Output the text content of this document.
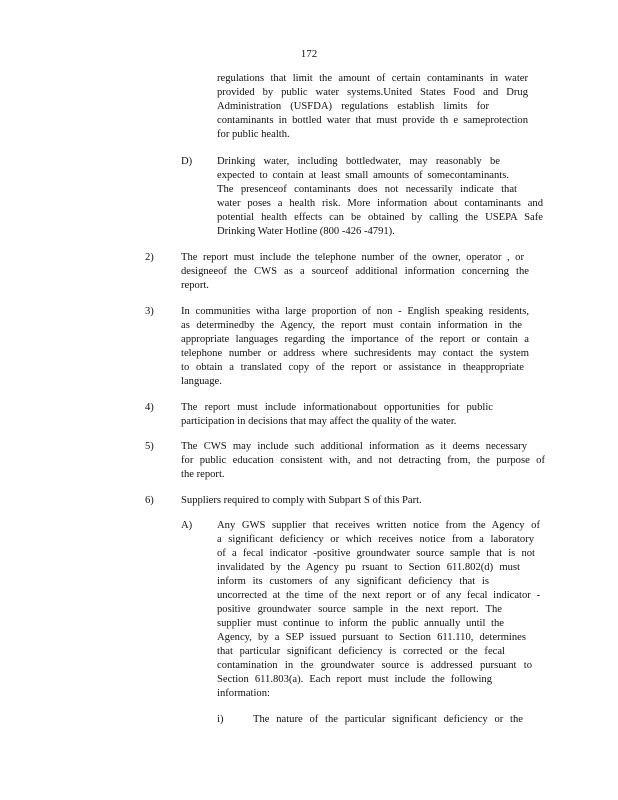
172
regulations that limit the amount of certain contaminants in water
provided by public water systems.United States Food and Drug
Administration (USFDA) regulations establish limits for
contaminants in bottled water that must provide th e sameprotection
for public health.
D) Drinking water, including bottledwater, may reasonably be
expected to contain at least small amounts of somecontaminants.
The presenceof contaminants does not necessarily indicate that
water poses a health risk. More information about contaminants and
potential health effects can be obtained by calling the USEPA Safe
Drinking Water Hotline (800 -426 -4791).
2)	The report must include the telephone number of the owner, operator , or
designeeof the CWS as a sourceof additional information concerning the
report.
3)	In communities witha large proportion of non - English speaking residents,
as determinedby the Agency, the report must contain information in the
appropriate languages regarding the importance of the report or contain a
telephone number or address where suchresidents may contact the system
to obtain a translated copy of the report or assistance in theappropriate
language.
4)	The report must include informationabout opportunities for public
participation in decisions that may affect the quality of the water.
5)	The CWS may include such additional information as it deems necessary
for public education consistent with, and not detracting from, the purpose of
the report.
6)	Suppliers required to comply with Subpart S of this Part.
A) Any GWS supplier that receives written notice from the Agency of
a significant deficiency or which receives notice from a laboratory
of a fecal indicator -positive groundwater source sample that is not
invalidated by the Agency pu rsuant to Section 611.802(d) must
inform its customers of any significant deficiency that is
uncorrected at the time of the next report or of any fecal indicator -
positive groundwater source sample in the next report. The
supplier must continue to inform the public annually until the
Agency, by a SEP issued pursuant to Section 611.110, determines
that particular significant deficiency is corrected or the fecal
contamination in the groundwater source is addressed pursuant to
Section 611.803(a). Each report must include the following
information:
i)	The nature of the particular significant deficiency or the
